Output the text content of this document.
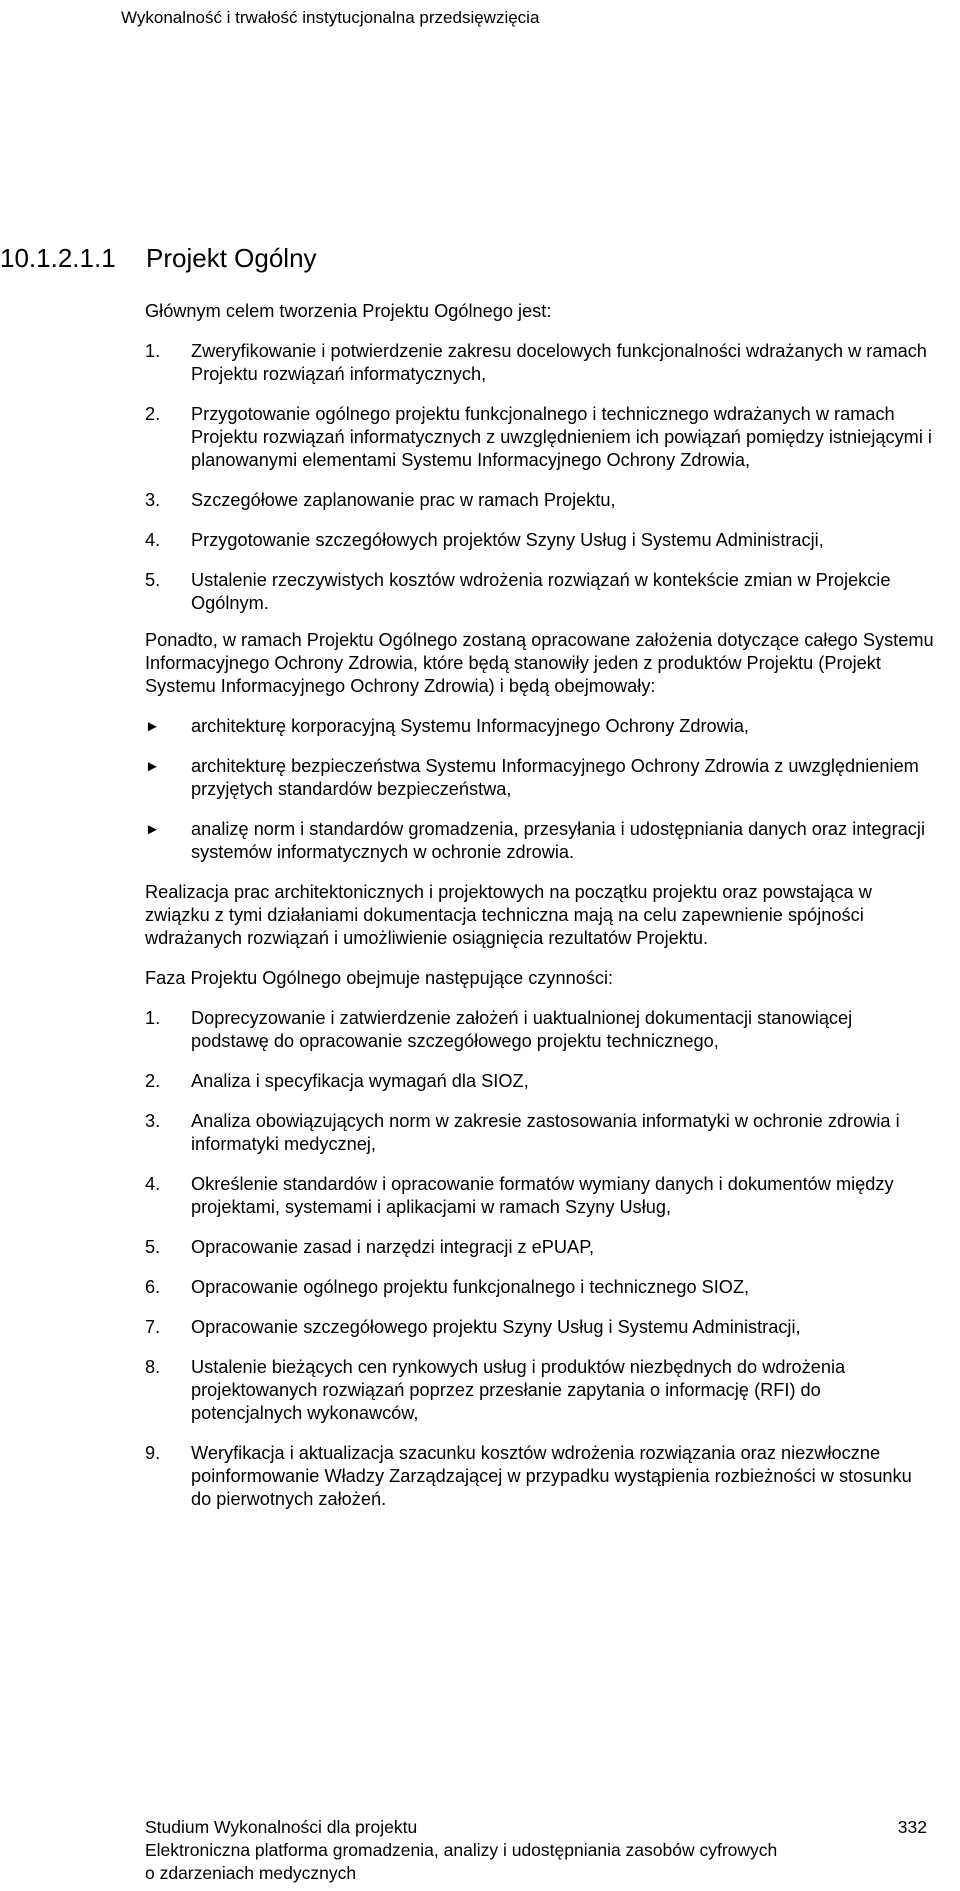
Wykonalność i trwałość instytucjonalna przedsięwzięcia
10.1.2.1.1 Projekt Ogólny

Głównym celem tworzenia Projektu Ogólnego jest:

1. Zweryfikowanie i potwierdzenie zakresu docelowych funkcjonalności wdrażanych w ramach Projektu rozwiązań informatycznych,
2. Przygotowanie ogólnego projektu funkcjonalnego i technicznego wdrażanych w ramach Projektu rozwiązań informatycznych z uwzględnieniem ich powiązań pomiędzy istniejącymi i planowanymi elementami Systemu Informacyjnego Ochrony Zdrowia,
3. Szczegółowe zaplanowanie prac w ramach Projektu,
4. Przygotowanie szczegółowych projektów Szyny Usług i Systemu Administracji,
5. Ustalenie rzeczywistych kosztów wdrożenia rozwiązań w kontekście zmian w Projekcie Ogólnym.

Ponadto, w ramach Projektu Ogólnego zostaną opracowane założenia dotyczące całego Systemu Informacyjnego Ochrony Zdrowia, które będą stanowiły jeden z produktów Projektu (Projekt Systemu Informacyjnego Ochrony Zdrowia) i będą obejmowały:

► architekturę korporacyjną Systemu Informacyjnego Ochrony Zdrowia,
► architekturę bezpieczeństwa Systemu Informacyjnego Ochrony Zdrowia z uwzględnieniem przyjętych standardów bezpieczeństwa,
► analizę norm i standardów gromadzenia, przesyłania i udostępniania danych oraz integracji systemów informatycznych w ochronie zdrowia.

Realizacja prac architektonicznych i projektowych na początku projektu oraz powstająca w związku z tymi działaniami dokumentacja techniczna mają na celu zapewnienie spójności wdrażanych rozwiązań i umożliwienie osiągnięcia rezultatów Projektu.

Faza Projektu Ogólnego obejmuje następujące czynności:

1. Doprecyzowanie i zatwierdzenie założeń i uaktualnionej dokumentacji stanowiącej podstawę do opracowanie szczegółowego projektu technicznego,
2. Analiza i specyfikacja wymagań dla SIOZ,
3. Analiza obowiązujących norm w zakresie zastosowania informatyki w ochronie zdrowia i informatyki medycznej,
4. Określenie standardów i opracowanie formatów wymiany danych i dokumentów między projektami, systemami i aplikacjami w ramach Szyny Usług,
5. Opracowanie zasad i narzędzi integracji z ePUAP,
6. Opracowanie ogólnego projektu funkcjonalnego i technicznego SIOZ,
7. Opracowanie szczegółowego projektu Szyny Usług i Systemu Administracji,
8. Ustalenie bieżących cen rynkowych usług i produktów niezbędnych do wdrożenia projektowanych rozwiązań poprzez przesłanie zapytania o informację (RFI) do potencjalnych wykonawców,
9. Weryfikacja i aktualizacja szacunku kosztów wdrożenia rozwiązania oraz niezwłoczne poinformowanie Władzy Zarządzającej w przypadku wystąpienia rozbieżności w stosunku do pierwotnych założeń.
Studium Wykonalności dla projektu
Elektroniczna platforma gromadzenia, analizy i udostępniania zasobów cyfrowych
o zdarzeniach medycznych
332
